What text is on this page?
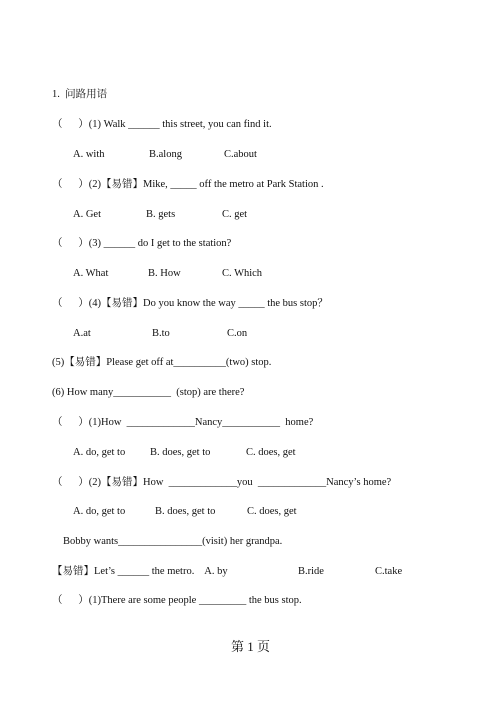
1.  问路用语
（      ）(1) Walk ______ this street, you can find it.
A. with	B.along	C.about
（      ）(2)【易错】Mike, _____ off the metro at Park Station .
A. Get	B. gets	C. get
（      ）(3) ______ do I get to the station?
A. What	B. How	C. Which
（      ）(4)【易错】Do you know the way _____ the bus stop？
A.at	B.to	C.on
(5)【易错】Please get off at__________(two) stop.
(6) How many___________  (stop) are there?
（      ）(1)How  _____________Nancy___________  home?
A. do, get to B. does, get to	C. does, get
（      ）(2)【易错】How  _____________you  _____________Nancy’s home?
A. do, get to	B. does, get to	C. does, get
Bobby wants________________(visit) her grandpa.
【易错】Let’s ______ the metro.    A. by	B.ride	C.take
（      ）(1)There are some people _________ the bus stop.
第 1 页
